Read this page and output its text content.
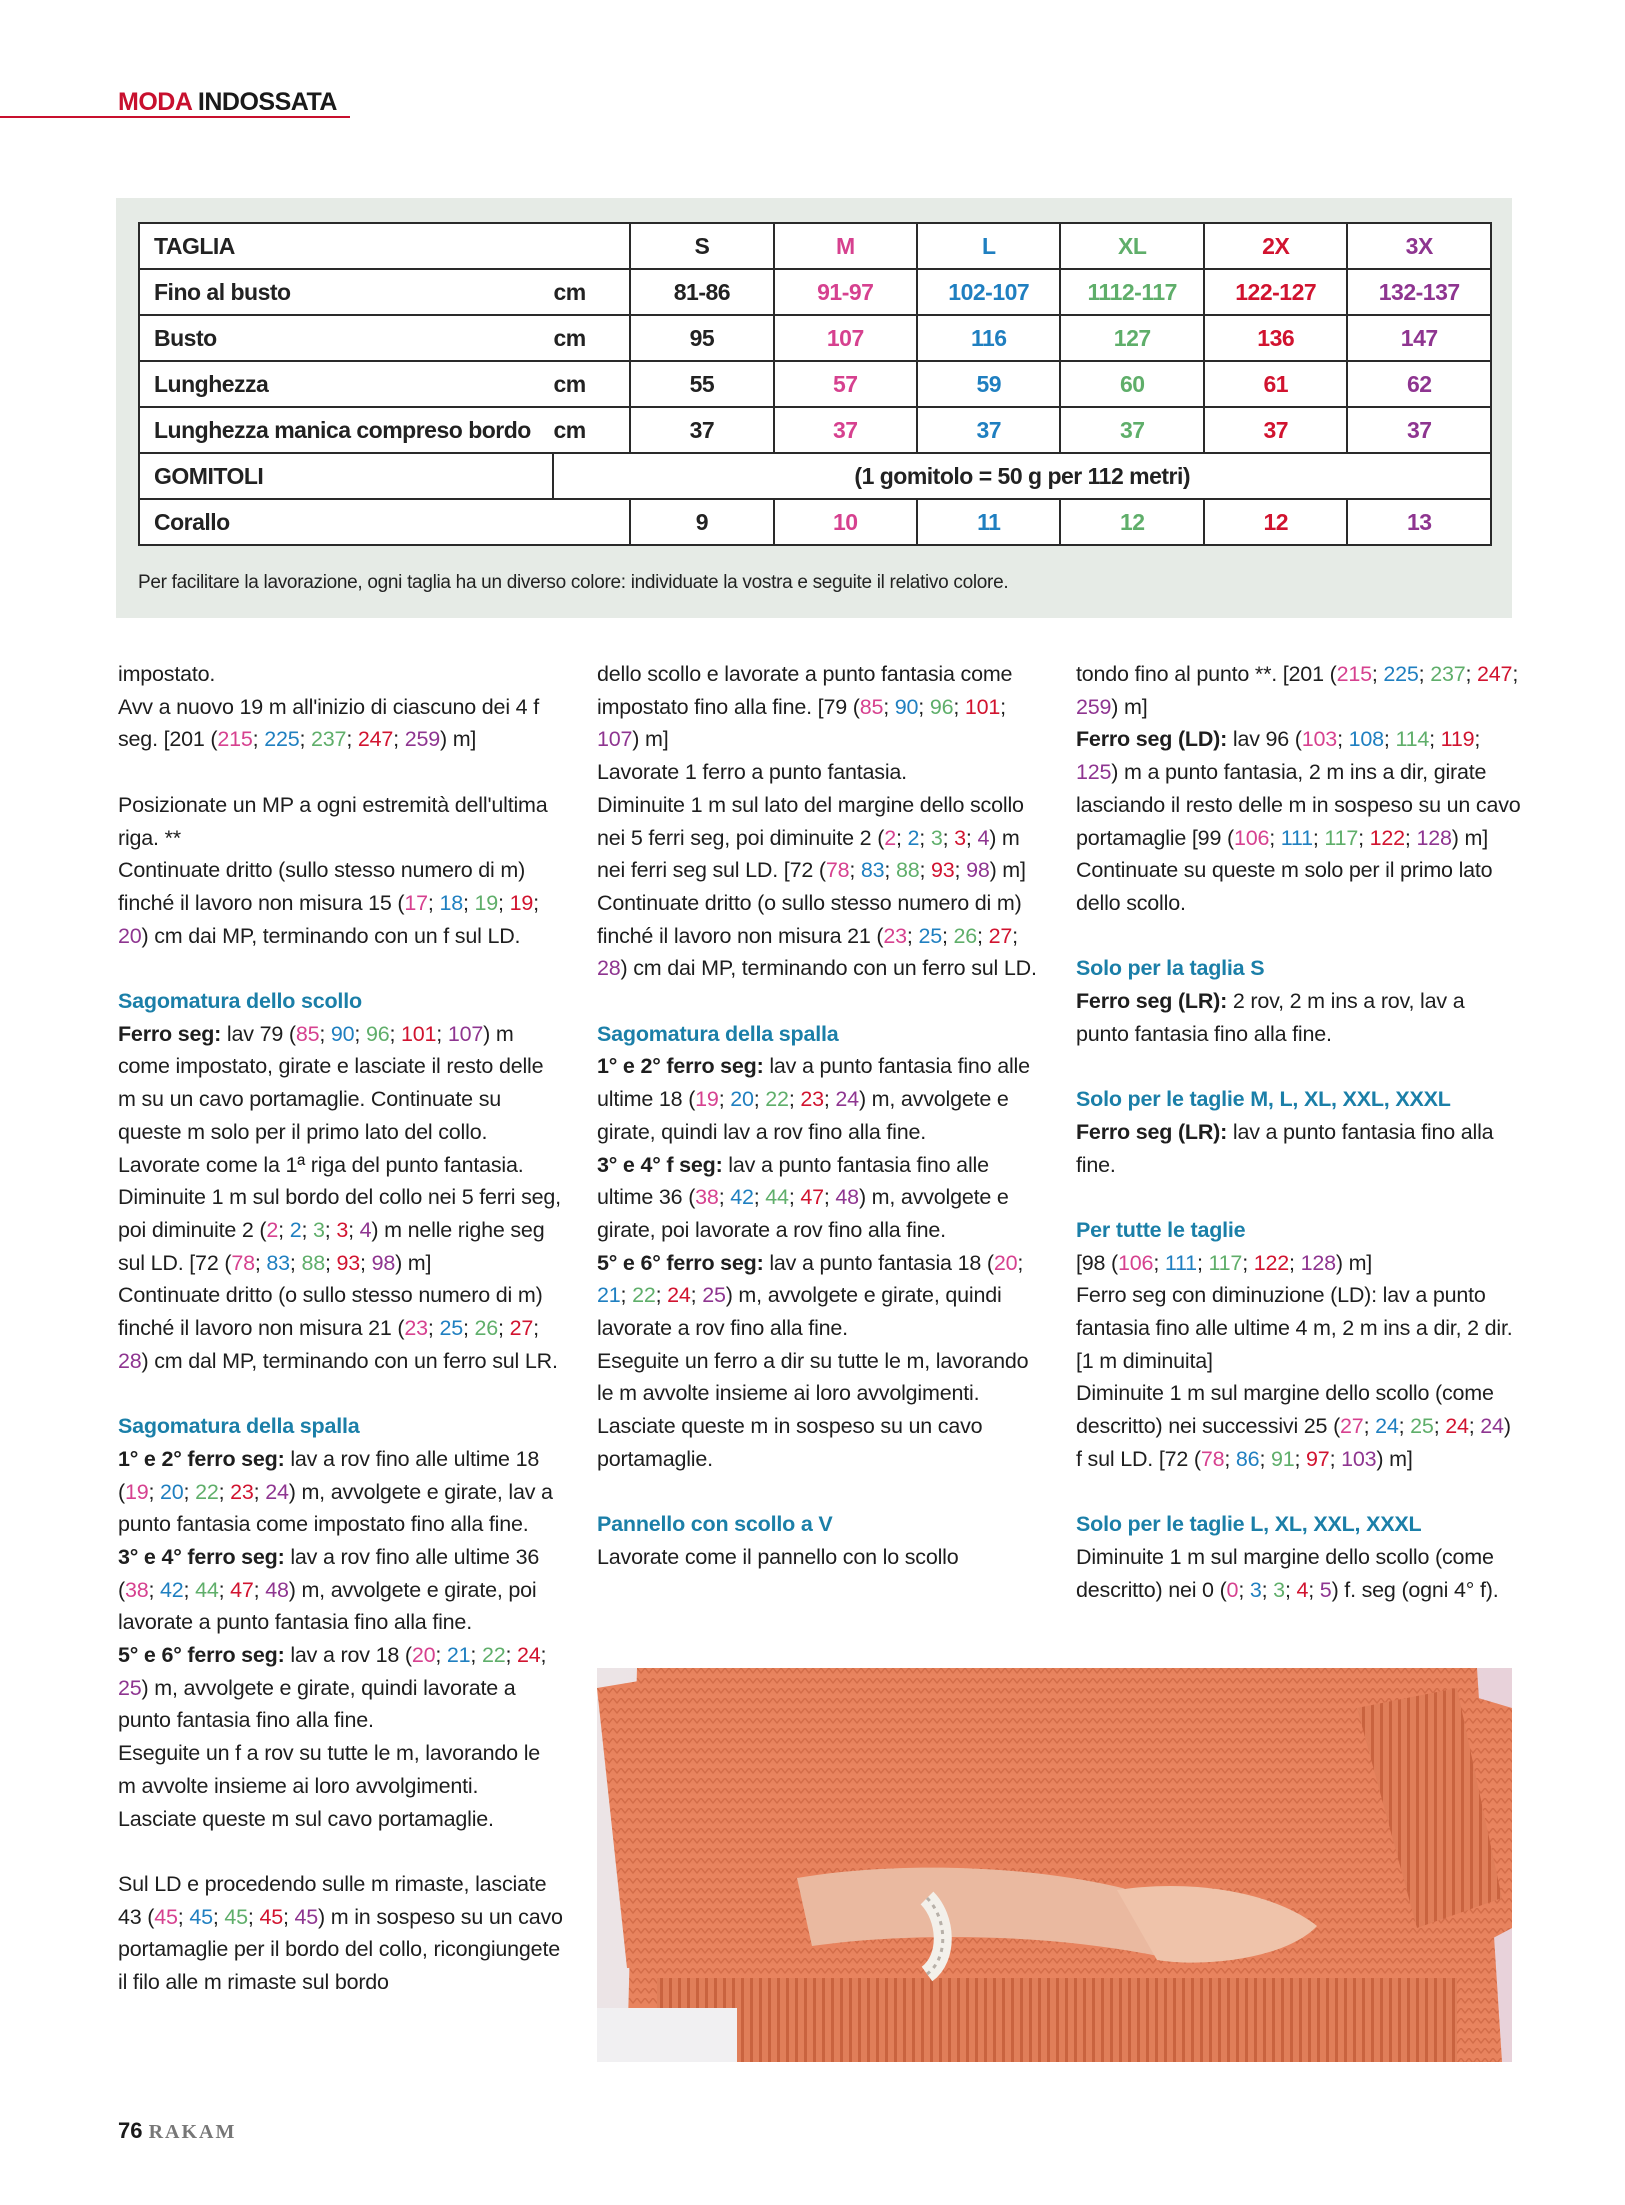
MODA INDOSSATA
TAGLIA		S	M	L	XL	2X	3X
Fino al busto	cm	81-86	91-97	102-107	1112-117	122-127	132-137
Busto	cm	95	107	116	127	136	147
Lunghezza	cm	55	57	59	60	61	62
Lunghezza manica compreso bordo	cm	37	37	37	37	37	37
GOMITOLI	(1 gomitolo = 50 g per 112 metri)						
Corallo		9	10	11	12	12	13
Per facilitare la lavorazione, ogni taglia ha un diverso colore: individuate la vostra e seguite il relativo colore.

impostato.

Avv a nuovo 19 m all'inizio di ciascuno dei 4 f seg. [201 (215; 225; 237; 247; 259) m]

Posizionate un MP a ogni estremità dell'ultima riga. **

Continuate dritto (sullo stesso numero di m) finché il lavoro non misura 15 (17; 18; 19; 19; 20) cm dai MP, terminando con un f sul LD.

Sagomatura dello scollo

Ferro seg: lav 79 (85; 90; 96; 101; 107) m come impostato, girate e lasciate il resto delle m su un cavo portamaglie. Continuate su queste m solo per il primo lato del collo.

Lavorate come la 1ª riga del punto fantasia.

Diminuite 1 m sul bordo del collo nei 5 ferri seg, poi diminuite 2 (2; 2; 3; 3; 4) m nelle righe seg sul LD. [72 (78; 83; 88; 93; 98) m]

Continuate dritto (o sullo stesso numero di m) finché il lavoro non misura 21 (23; 25; 26; 27; 28) cm dal MP, terminando con un ferro sul LR.

Sagomatura della spalla

1° e 2° ferro seg: lav a rov fino alle ultime 18 (19; 20; 22; 23; 24) m, avvolgete e girate, lav a punto fantasia come impostato fino alla fine.

3° e 4° ferro seg: lav a rov fino alle ultime 36 (38; 42; 44; 47; 48) m, avvolgete e girate, poi lavorate a punto fantasia fino alla fine.

5° e 6° ferro seg: lav a rov 18 (20; 21; 22; 24; 25) m, avvolgete e girate, quindi lavorate a punto fantasia fino alla fine.

Eseguite un f a rov su tutte le m, lavorando le m avvolte insieme ai loro avvolgimenti.

Lasciate queste m sul cavo portamaglie.

Sul LD e procedendo sulle m rimaste, lasciate 43 (45; 45; 45; 45; 45) m in sospeso su un cavo portamaglie per il bordo del collo, ricongiungete il filo alle m rimaste sul bordo

dello scollo e lavorate a punto fantasia come impostato fino alla fine. [79 (85; 90; 96; 101; 107) m]

Lavorate 1 ferro a punto fantasia.

Diminuite 1 m sul lato del margine dello scollo nei 5 ferri seg, poi diminuite 2 (2; 2; 3; 3; 4) m nei ferri seg sul LD. [72 (78; 83; 88; 93; 98) m]

Continuate dritto (o sullo stesso numero di m) finché il lavoro non misura 21 (23; 25; 26; 27; 28) cm dai MP, terminando con un ferro sul LD.

Sagomatura della spalla

1° e 2° ferro seg: lav a punto fantasia fino alle ultime 18 (19; 20; 22; 23; 24) m, avvolgete e girate, quindi lav a rov fino alla fine.

3° e 4° f seg: lav a punto fantasia fino alle ultime 36 (38; 42; 44; 47; 48) m, avvolgete e girate, poi lavorate a rov fino alla fine.

5° e 6° ferro seg: lav a punto fantasia 18 (20; 21; 22; 24; 25) m, avvolgete e girate, quindi lavorate a rov fino alla fine.

Eseguite un ferro a dir su tutte le m, lavorando le m avvolte insieme ai loro avvolgimenti. Lasciate queste m in sospeso su un cavo portamaglie.

Pannello con scollo a V

Lavorate come il pannello con lo scollo

tondo fino al punto **. [201 (215; 225; 237; 247; 259) m]

Ferro seg (LD): lav 96 (103; 108; 114; 119; 125) m a punto fantasia, 2 m ins a dir, girate lasciando il resto delle m in sospeso su un cavo portamaglie [99 (106; 111; 117; 122; 128) m]

Continuate su queste m solo per il primo lato dello scollo.

Solo per la taglia S

Ferro seg (LR): 2 rov, 2 m ins a rov, lav a punto fantasia fino alla fine.

Solo per le taglie M, L, XL, XXL, XXXL

Ferro seg (LR): lav a punto fantasia fino alla fine.

Per tutte le taglie

[98 (106; 111; 117; 122; 128) m]

Ferro seg con diminuzione (LD): lav a punto fantasia fino alle ultime 4 m, 2 m ins a dir, 2 dir. [1 m diminuita]

Diminuite 1 m sul margine dello scollo (come descritto) nei successivi 25 (27; 24; 25; 24; 24) f sul LD. [72 (78; 86; 91; 97; 103) m]

Solo per le taglie L, XL, XXL, XXXL

Diminuite 1 m sul margine dello scollo (come descritto) nei 0 (0; 3; 3; 4; 5) f. seg (ogni 4° f).

76 RAKAM
